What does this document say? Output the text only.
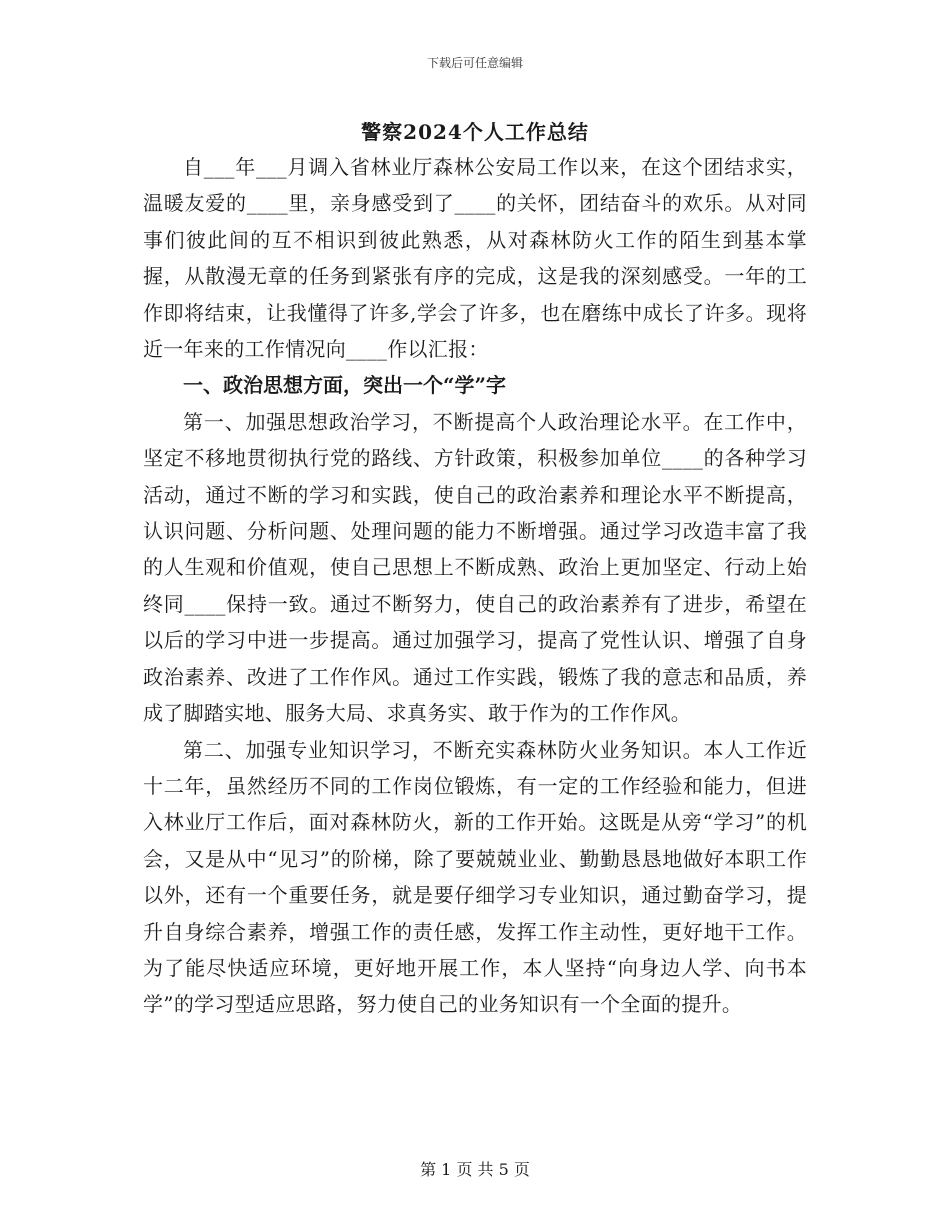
下载后可任意编辑
警察2024个人工作总结

自___年___月调入省林业厅森林公安局工作以来，在这个团结求实，温暖友爱的____里，亲身感受到了____的关怀，团结奋斗的欢乐。从对同事们彼此间的互不相识到彼此熟悉，从对森林防火工作的陌生到基本掌握，从散漫无章的任务到紧张有序的完成，这是我的深刻感受。一年的工作即将结束，让我懂得了许多,学会了许多，也在磨练中成长了许多。现将近一年来的工作情况向____作以汇报：

一、政治思想方面，突出一个“学”字

第一、加强思想政治学习，不断提高个人政治理论水平。在工作中，坚定不移地贯彻执行党的路线、方针政策，积极参加单位____的各种学习活动，通过不断的学习和实践，使自己的政治素养和理论水平不断提高，认识问题、分析问题、处理问题的能力不断增强。通过学习改造丰富了我的人生观和价值观，使自己思想上不断成熟、政治上更加坚定、行动上始终同____保持一致。通过不断努力，使自己的政治素养有了进步，希望在以后的学习中进一步提高。通过加强学习，提高了党性认识、增强了自身政治素养、改进了工作作风。通过工作实践，锻炼了我的意志和品质，养成了脚踏实地、服务大局、求真务实、敢于作为的工作作风。

第二、加强专业知识学习，不断充实森林防火业务知识。本人工作近十二年，虽然经历不同的工作岗位锻炼，有一定的工作经验和能力，但进入林业厅工作后，面对森林防火，新的工作开始。这既是从旁“学习”的机会，又是从中“见习”的阶梯，除了要兢兢业业、勤勤恳恳地做好本职工作以外，还有一个重要任务，就是要仔细学习专业知识，通过勤奋学习，提升自身综合素养，增强工作的责任感，发挥工作主动性，更好地干工作。为了能尽快适应环境，更好地开展工作，本人坚持“向身边人学、向书本学”的学习型适应思路，努力使自己的业务知识有一个全面的提升。

第 1 页 共 5 页
